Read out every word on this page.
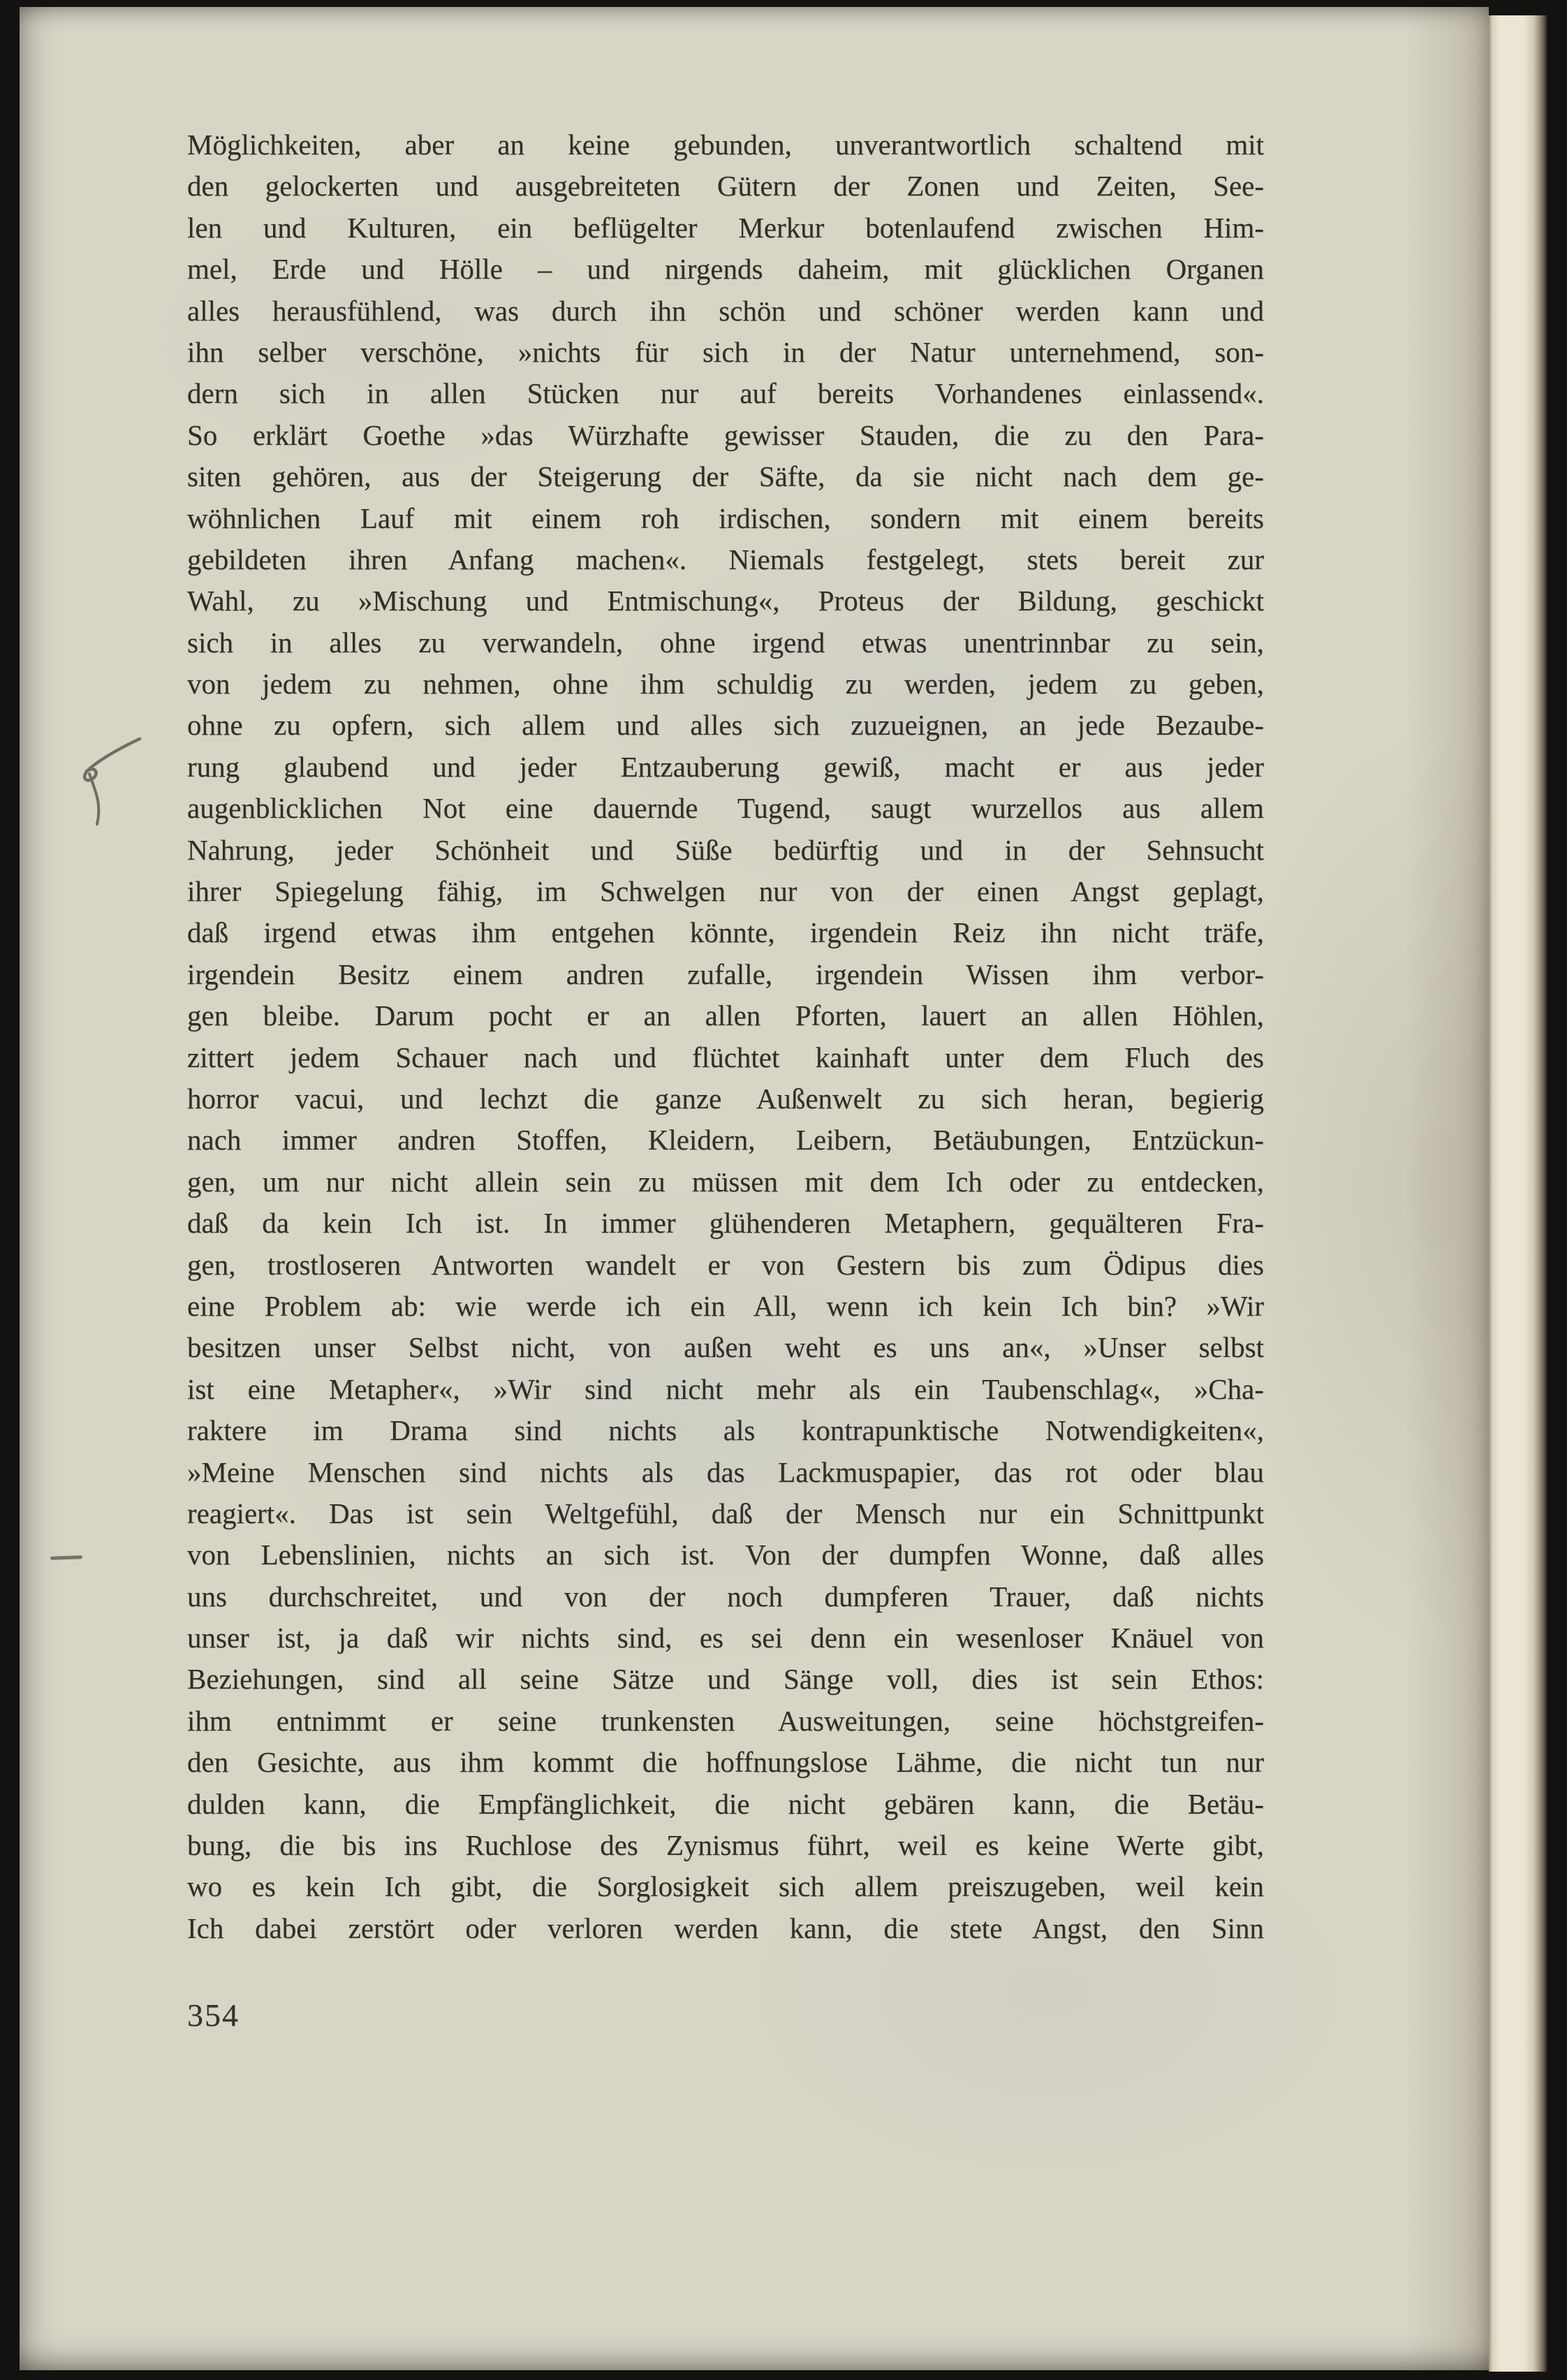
Möglichkeiten, aber an keine gebunden, unverantwortlich schaltend mit
den gelockerten und ausgebreiteten Gütern der Zonen und Zeiten, See-
len und Kulturen, ein beflügelter Merkur botenlaufend zwischen Him-
mel, Erde und Hölle – und nirgends daheim, mit glücklichen Organen
alles herausfühlend, was durch ihn schön und schöner werden kann und
ihn selber verschöne, »nichts für sich in der Natur unternehmend, son-
dern sich in allen Stücken nur auf bereits Vorhandenes einlassend«.
So erklärt Goethe »das Würzhafte gewisser Stauden, die zu den Para-
siten gehören, aus der Steigerung der Säfte, da sie nicht nach dem ge-
wöhnlichen Lauf mit einem roh irdischen, sondern mit einem bereits
gebildeten ihren Anfang machen«. Niemals festgelegt, stets bereit zur
Wahl, zu »Mischung und Entmischung«, Proteus der Bildung, geschickt
sich in alles zu verwandeln, ohne irgend etwas unentrinnbar zu sein,
von jedem zu nehmen, ohne ihm schuldig zu werden, jedem zu geben,
ohne zu opfern, sich allem und alles sich zuzueignen, an jede Bezaube-
rung glaubend und jeder Entzauberung gewiß, macht er aus jeder
augenblicklichen Not eine dauernde Tugend, saugt wurzellos aus allem
Nahrung, jeder Schönheit und Süße bedürftig und in der Sehnsucht
ihrer Spiegelung fähig, im Schwelgen nur von der einen Angst geplagt,
daß irgend etwas ihm entgehen könnte, irgendein Reiz ihn nicht träfe,
irgendein Besitz einem andren zufalle, irgendein Wissen ihm verbor-
gen bleibe. Darum pocht er an allen Pforten, lauert an allen Höhlen,
zittert jedem Schauer nach und flüchtet kainhaft unter dem Fluch des
horror vacui, und lechzt die ganze Außenwelt zu sich heran, begierig
nach immer andren Stoffen, Kleidern, Leibern, Betäubungen, Entzückun-
gen, um nur nicht allein sein zu müssen mit dem Ich oder zu entdecken,
daß da kein Ich ist. In immer glühenderen Metaphern, gequälteren Fra-
gen, trostloseren Antworten wandelt er von Gestern bis zum Ödipus dies
eine Problem ab: wie werde ich ein All, wenn ich kein Ich bin? »Wir
besitzen unser Selbst nicht, von außen weht es uns an«, »Unser selbst
ist eine Metapher«, »Wir sind nicht mehr als ein Taubenschlag«, »Cha-
raktere im Drama sind nichts als kontrapunktische Notwendigkeiten«,
»Meine Menschen sind nichts als das Lackmuspapier, das rot oder blau
reagiert«. Das ist sein Weltgefühl, daß der Mensch nur ein Schnittpunkt
von Lebenslinien, nichts an sich ist. Von der dumpfen Wonne, daß alles
uns durchschreitet, und von der noch dumpferen Trauer, daß nichts
unser ist, ja daß wir nichts sind, es sei denn ein wesenloser Knäuel von
Beziehungen, sind all seine Sätze und Sänge voll, dies ist sein Ethos:
ihm entnimmt er seine trunkensten Ausweitungen, seine höchstgreifen-
den Gesichte, aus ihm kommt die hoffnungslose Lähme, die nicht tun nur
dulden kann, die Empfänglichkeit, die nicht gebären kann, die Betäu-
bung, die bis ins Ruchlose des Zynismus führt, weil es keine Werte gibt,
wo es kein Ich gibt, die Sorglosigkeit sich allem preiszugeben, weil kein
Ich dabei zerstört oder verloren werden kann, die stete Angst, den Sinn
354
